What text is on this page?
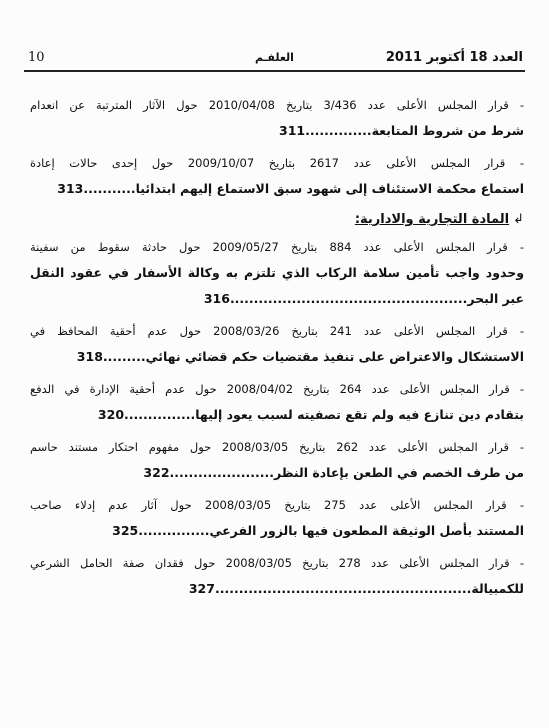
العدد 18 أكتوبر 2011
العلفـم
10
- قرار المجلس الأعلى عدد 3/436 بتاريخ 2010/04/08 حول الآثار المترتبة عن انعدام
شرط من شروط المتابعة..............311
- قرار المجلس الأعلى عدد 2617 بتاريخ 2009/10/07 حول إحدى حالات إعادة
استماع محكمة الاستئناف إلى شهود سبق الاستماع إليهم ابتدائيا...........313
↲المادة التجارية والادارية:
- قرار المجلس الأعلى عدد 884 بتاريخ 2009/05/27 حول حادثة سقوط من سفينة
وحدود واجب تأمين سلامة الركاب الذي تلتزم به وكالة الأسفار في عقود النقل
عبر البحر..................................................316
- قرار المجلس الأعلى عدد 241 بتاريخ 2008/03/26 حول عدم أحقية المحافظ في
الاستشكال والاعتراض على تنفيذ مقتضيات حكم قضائي نهائي.........318
- قرار المجلس الأعلى عدد 264 بتاريخ 2008/04/02 حول عدم أحقية الإدارة في الدفع
بتقادم دين تنازع فيه ولم تقع تصفيته لسبب يعود إليها...............320
- قرار المجلس الأعلى عدد 262 بتاريخ 2008/03/05 حول مفهوم احتكار مستند حاسم
من طرف الخصم في الطعن بإعادة النظر......................322
- قرار المجلس الأعلى عدد 275 بتاريخ 2008/03/05 حول آثار عدم إدلاء صاحب
المستند بأصل الوثيقة المطعون فيها بالزور الفرعي...............325
- قرار المجلس الأعلى عدد 278 بتاريخ 2008/03/05 حول فقدان صفة الحامل الشرعي
للكمبيالة......................................................327
